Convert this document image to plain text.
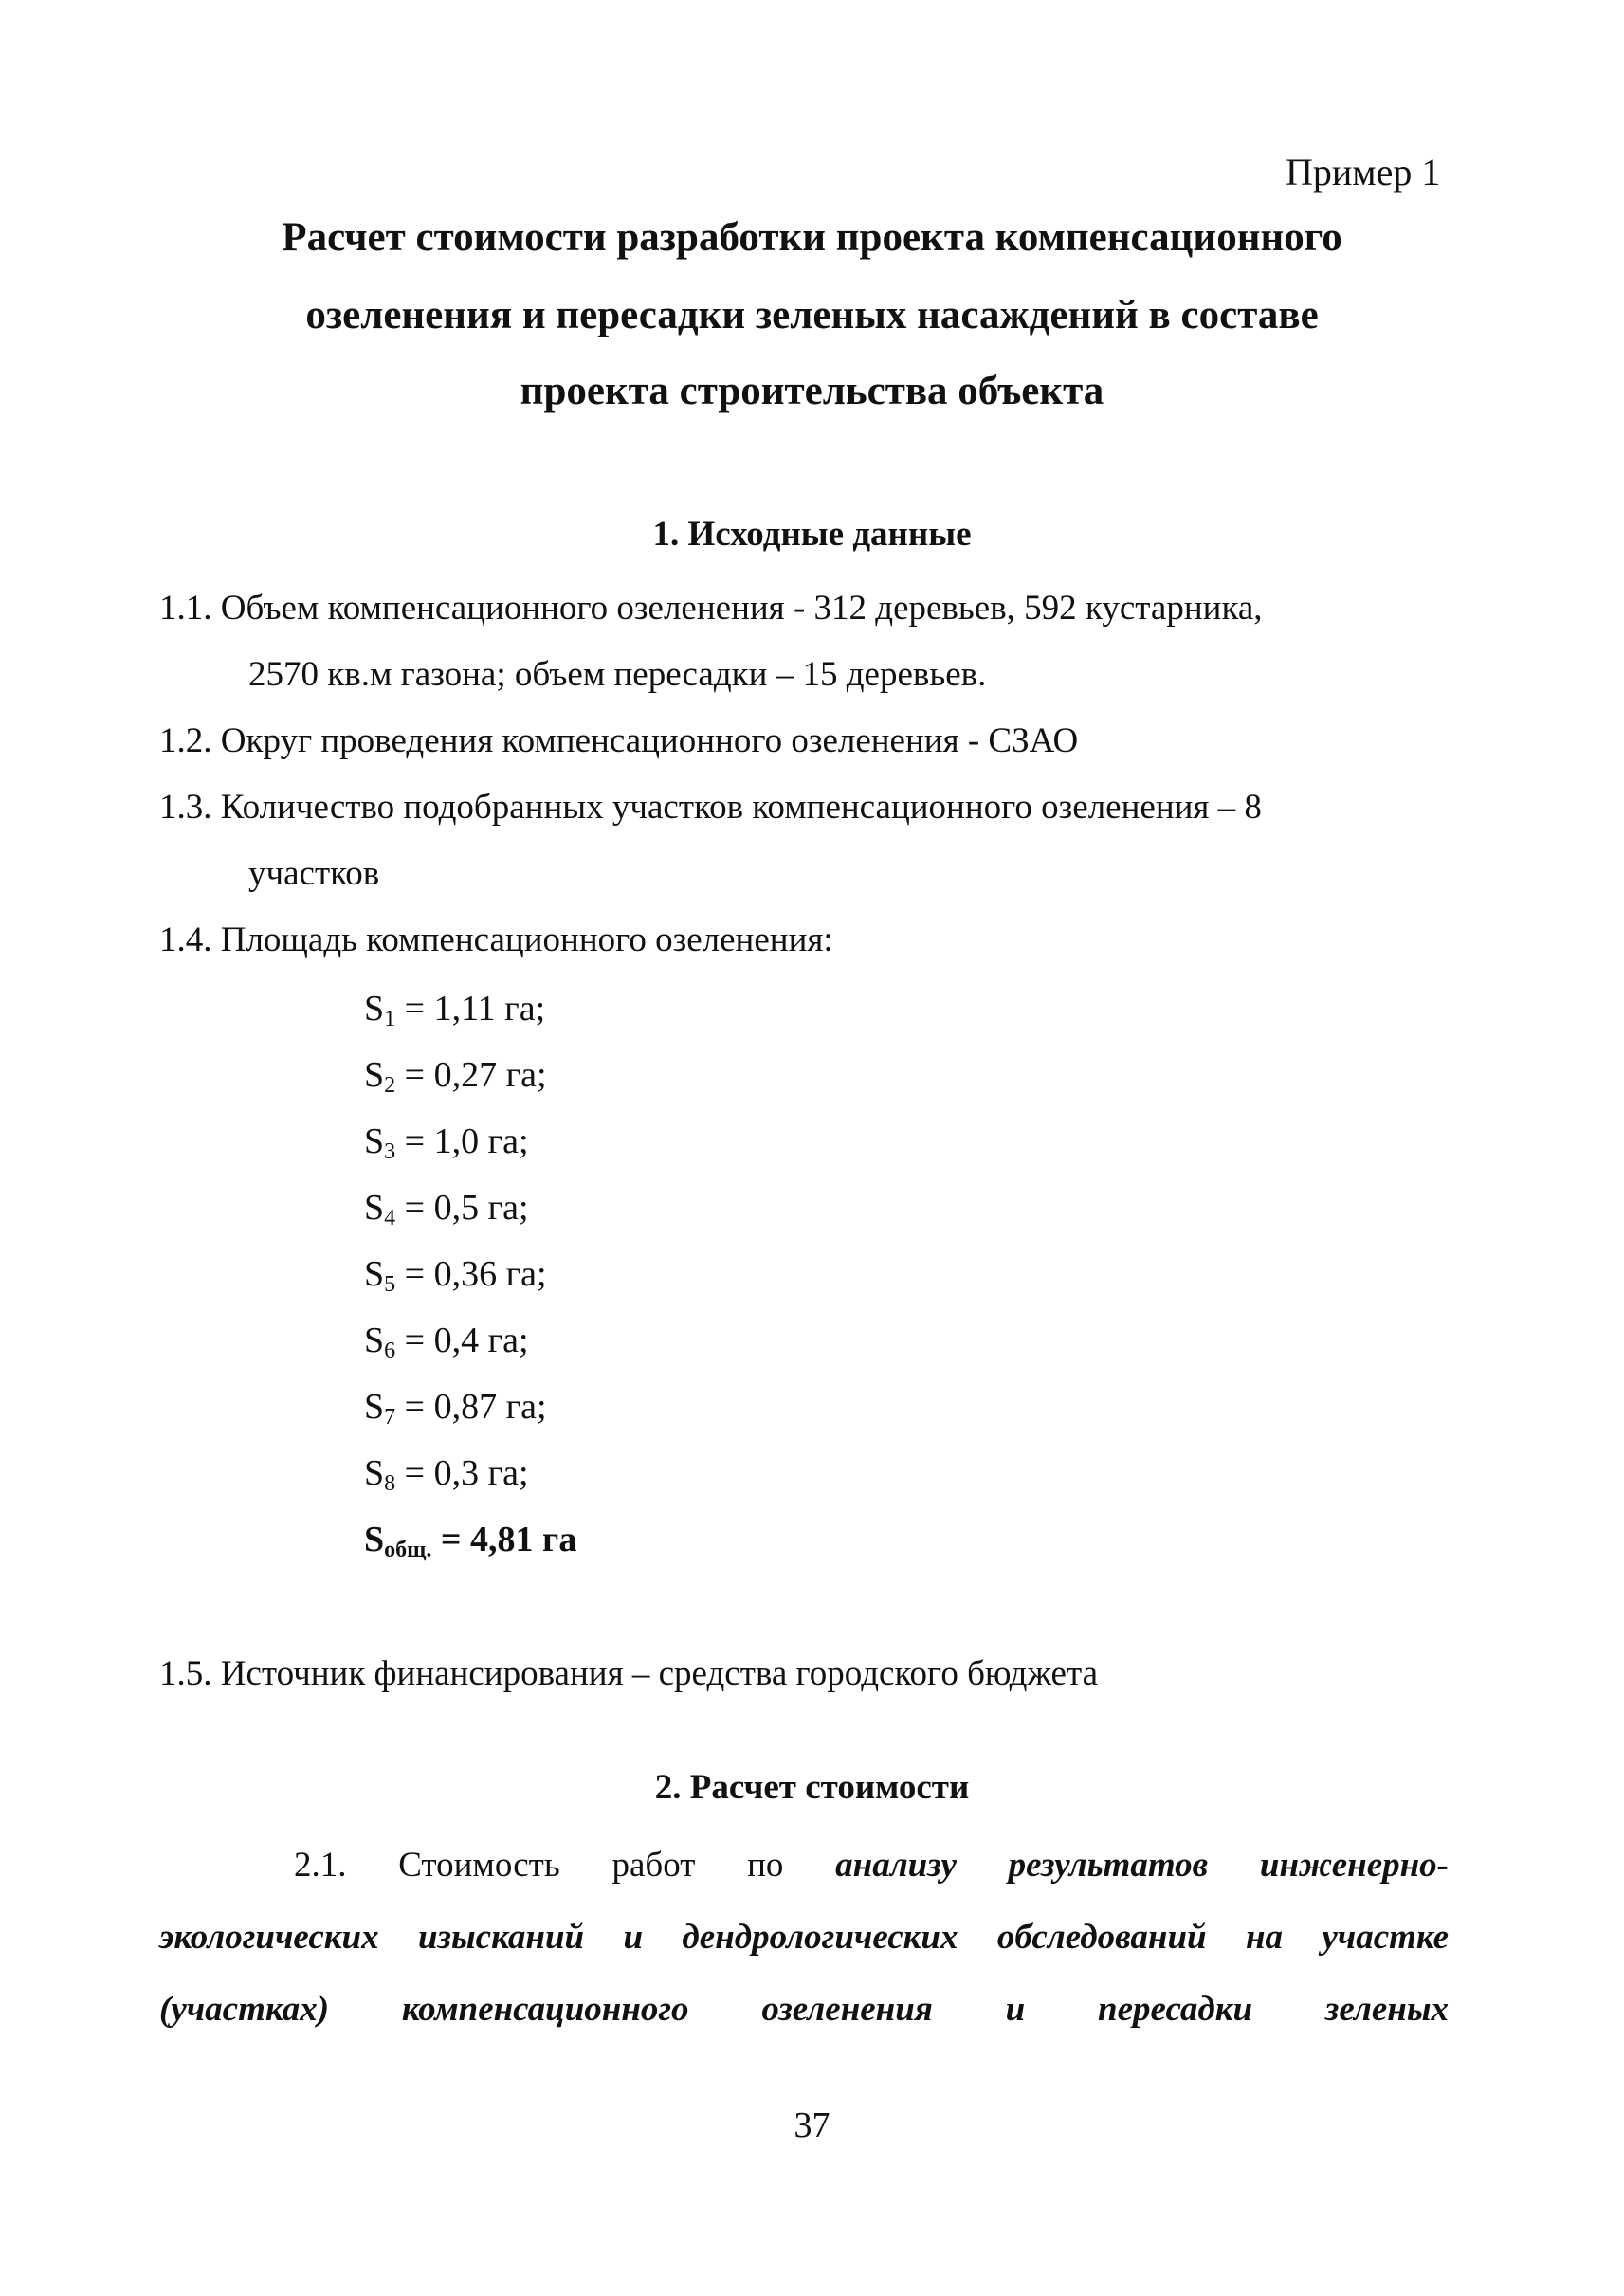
Пример 1
Расчет стоимости разработки проекта компенсационного
озеленения и пересадки зеленых насаждений в составе
проекта строительства объекта
1. Исходные данные
1.1. Объем компенсационного озеленения - 312 деревьев, 592 кустарника,
2570 кв.м газона; объем пересадки – 15 деревьев.
1.2. Округ проведения компенсационного озеленения - СЗАО
1.3. Количество подобранных участков компенсационного озеленения – 8
участков
1.4. Площадь компенсационного озеленения:
$S_1 = 1,11$ га;
$S_2 = 0,27$ га;
$S_3 = 1,0$ га;
$S_4 = 0,5$ га;
$S_5 = 0,36$ га;
$S_6 = 0,4$ га;
$S_7 = 0,87$ га;
$S_8 = 0,3$ га;
$S_{общ.} = 4,81$ га
1.5. Источник финансирования – средства городского бюджета
2. Расчет стоимости
2.1. Стоимость работ по анализу результатов инженерно-
экологических изысканий и дендрологических обследований на участке
(участках) компенсационного озеленения и пересадки зеленых
37
